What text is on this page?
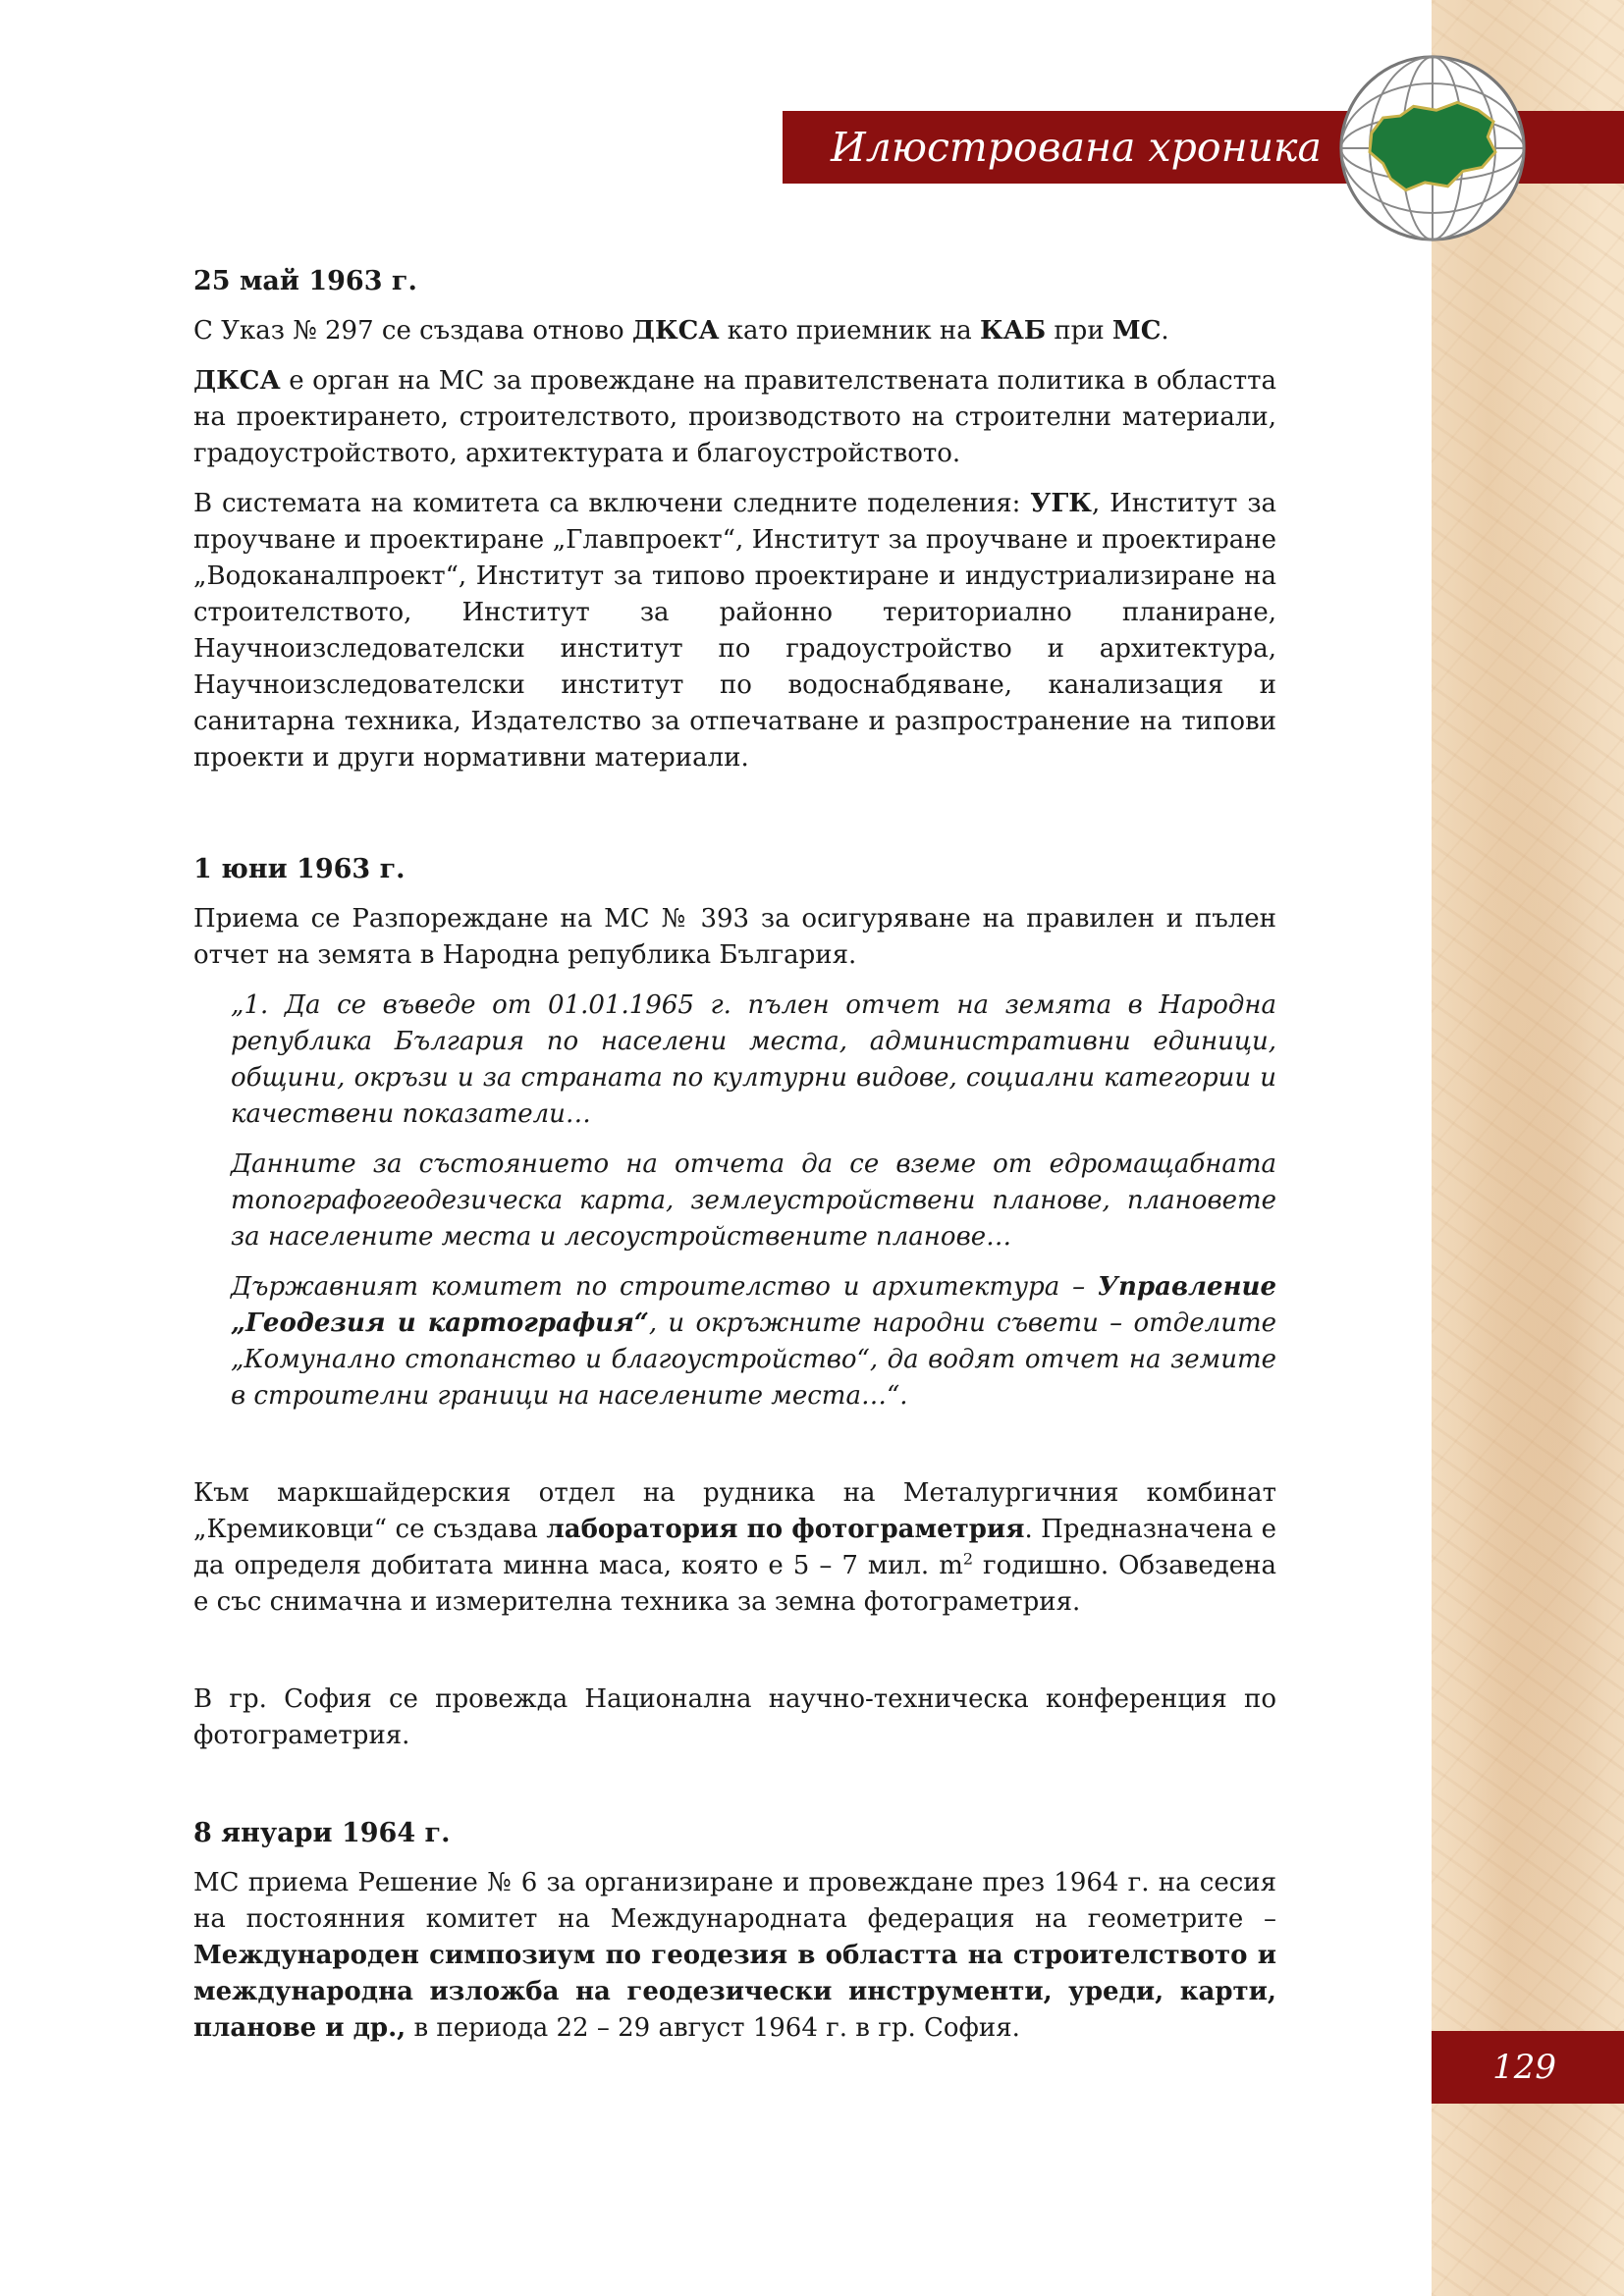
Илюстрована хроника
129
25 май 1963 г.

С Указ № 297 се създава отново ДКСА като приемник на КАБ при МС.

ДКСА е орган на МС за провеждане на правителствената политика в областта на проектирането, строителството, производството на строителни материали, градоустройството, архитектурата и благоустройството.

В системата на комитета са включени следните поделения: УГК, Институт за проучване и проектиране „Главпроект“, Институт за проучване и проектиране „Водоканалпроект“, Институт за типово проектиране и индустриализиране на строителството, Институт за районно териториално планиране, Научноизследователски институт по градоустройство и архитектура, Научноизследователски институт по водоснабдяване, канализация и санитарна техника, Издателство за отпечатване и разпространение на типови проекти и други нормативни материали.

1 юни 1963 г.

Приема се Разпореждане на МС № 393 за осигуряване на правилен и пълен отчет на земята в Народна република България.

„1. Да се въведе от 01.01.1965 г. пълен отчет на земята в Народна република България по населени места, административни единици, общини, окръзи и за страната по културни видове, социални категории и качествени показатели…

Данните за състоянието на отчета да се вземе от едромащабната топографогеодезическа карта, землеустройствени планове, плановете за населените места и лесоустройствените планове…

Държавният комитет по строителство и архитектура – Управление „Геодезия и картография“, и окръжните народни съвети – отделите „Комунално стопанство и благоустройство“, да водят отчет на земите в строителни граници на населените места…“.

Към маркшайдерския отдел на рудника на Металургичния комбинат „Кремиковци“ се създава лаборатория по фотограметрия. Предназначена е да определя добитата минна маса, която е 5 – 7 мил. $m^2$ годишно. Обзаведена е със снимачна и измерителна техника за земна фотограметрия.

В гр. София се провежда Национална научно-техническа конференция по фотограметрия.

8 януари 1964 г.

МС приема Решение № 6 за организиране и провеждане през 1964 г. на сесия на постоянния комитет на Международната федерация на геометрите – Международен симпозиум по геодезия в областта на строителството и международна изложба на геодезически инструменти, уреди, карти, планове и др., в периода 22 – 29 август 1964 г. в гр. София.
